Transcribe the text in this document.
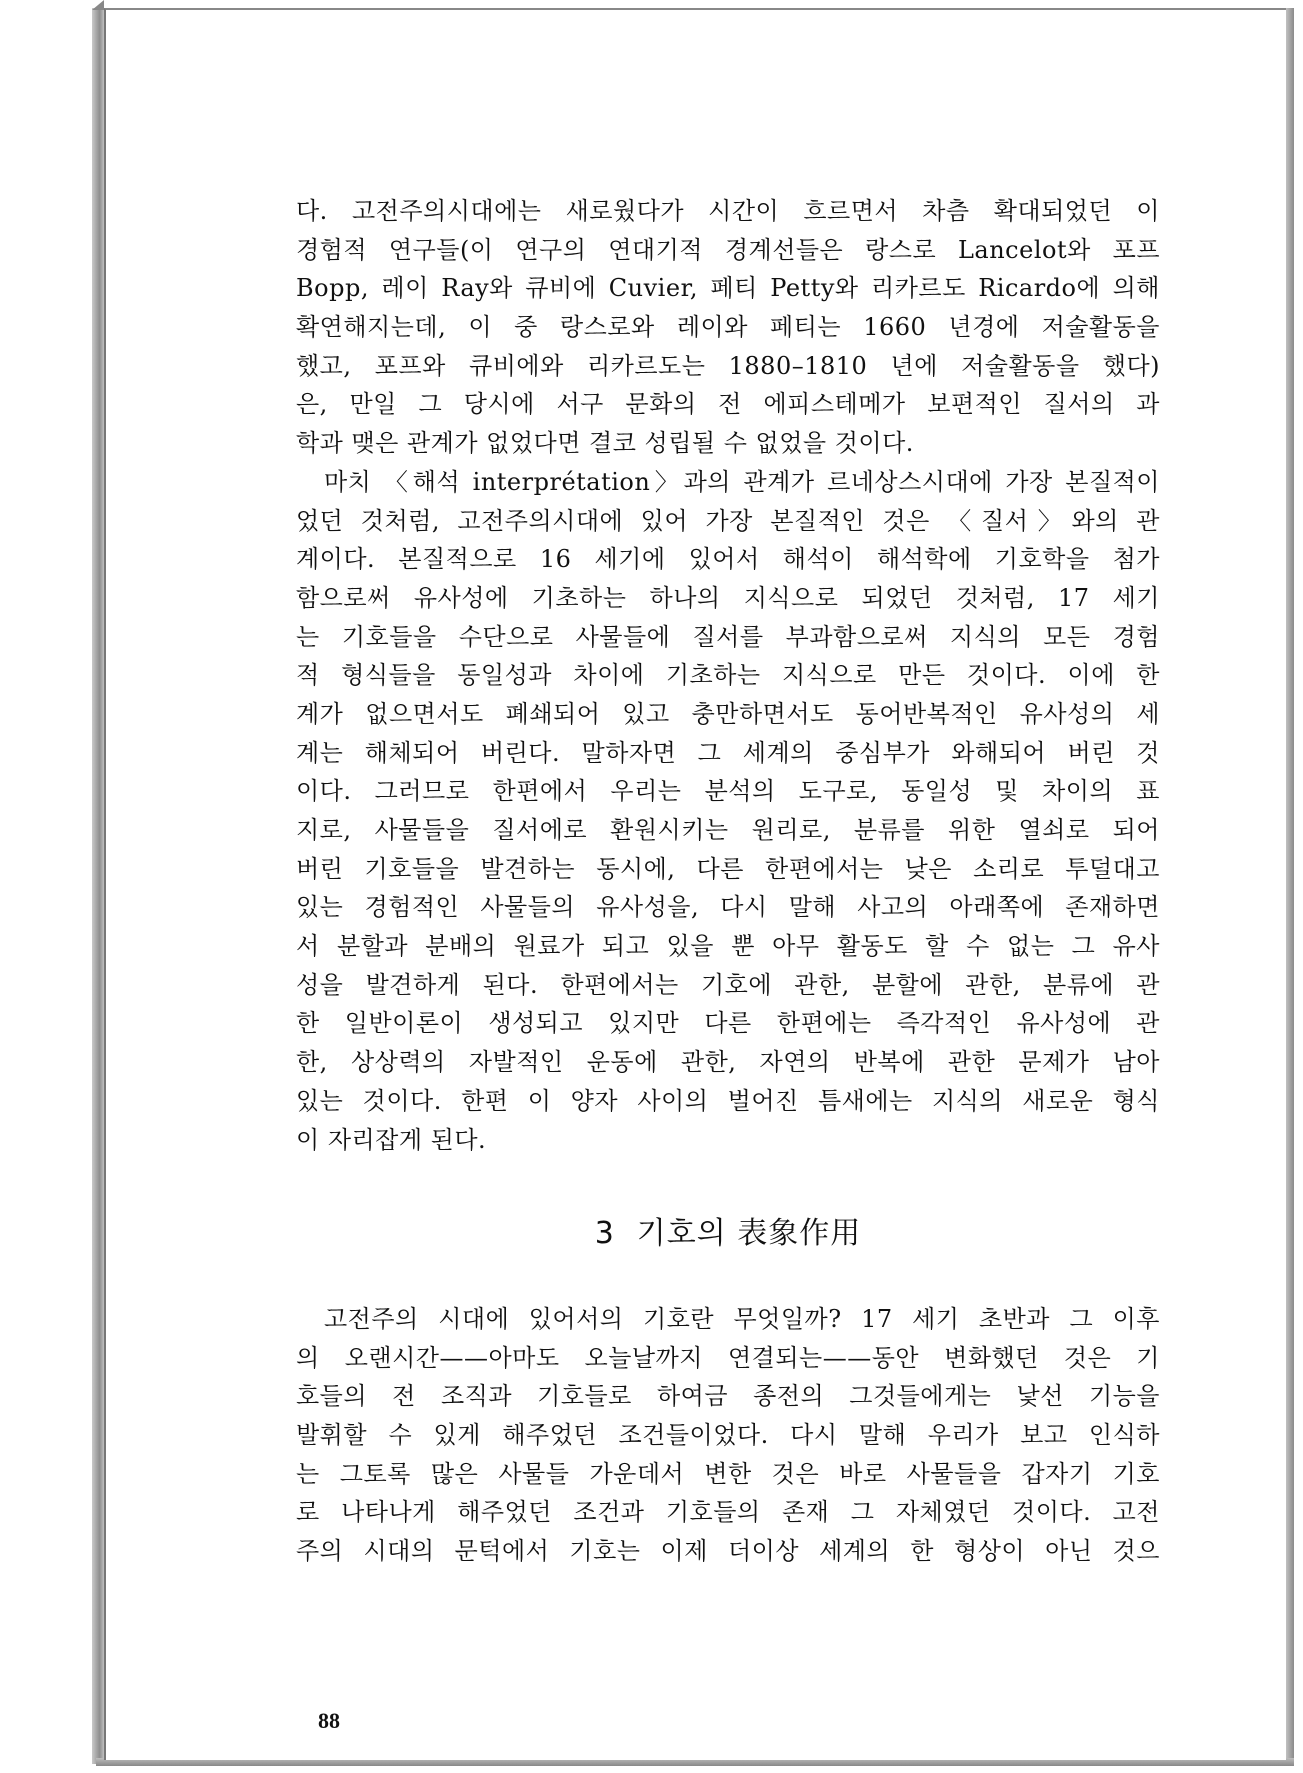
다. 고전주의시대에는 새로웠다가 시간이 흐르면서 차츰 확대되었던 이
경험적 연구들(이 연구의 연대기적 경계선들은 랑스로 Lancelot와 포프
Bopp, 레이 Ray와 큐비에 Cuvier, 페티 Petty와 리카르도 Ricardo에 의해
확연해지는데, 이 중 랑스로와 레이와 페티는 1660 년경에 저술활동을
했고, 포프와 큐비에와 리카르도는 1880–1810 년에 저술활동을 했다)
은, 만일 그 당시에 서구 문화의 전 에피스테메가 보편적인 질서의 과
학과 맺은 관계가 없었다면 결코 성립될 수 없었을 것이다.
마치 〈해석 interprétation〉과의 관계가 르네상스시대에 가장 본질적이
었던 것처럼, 고전주의시대에 있어 가장 본질적인 것은 〈질서〉와의 관
계이다. 본질적으로 16 세기에 있어서 해석이 해석학에 기호학을 첨가
함으로써 유사성에 기초하는 하나의 지식으로 되었던 것처럼, 17 세기
는 기호들을 수단으로 사물들에 질서를 부과함으로써 지식의 모든 경험
적 형식들을 동일성과 차이에 기초하는 지식으로 만든 것이다. 이에 한
계가 없으면서도 폐쇄되어 있고 충만하면서도 동어반복적인 유사성의 세
계는 해체되어 버린다. 말하자면 그 세계의 중심부가 와해되어 버린 것
이다. 그러므로 한편에서 우리는 분석의 도구로, 동일성 및 차이의 표
지로, 사물들을 질서에로 환원시키는 원리로, 분류를 위한 열쇠로 되어
버린 기호들을 발견하는 동시에, 다른 한편에서는 낮은 소리로 투덜대고
있는 경험적인 사물들의 유사성을, 다시 말해 사고의 아래쪽에 존재하면
서 분할과 분배의 원료가 되고 있을 뿐 아무 활동도 할 수 없는 그 유사
성을 발견하게 된다. 한편에서는 기호에 관한, 분할에 관한, 분류에 관
한 일반이론이 생성되고 있지만 다른 한편에는 즉각적인 유사성에 관
한, 상상력의 자발적인 운동에 관한, 자연의 반복에 관한 문제가 남아
있는 것이다. 한편 이 양자 사이의 벌어진 틈새에는 지식의 새로운 형식
이 자리잡게 된다.
3 기호의 表象作用
고전주의 시대에 있어서의 기호란 무엇일까? 17 세기 초반과 그 이후
의 오랜시간——아마도 오늘날까지 연결되는——동안 변화했던 것은 기
호들의 전 조직과 기호들로 하여금 종전의 그것들에게는 낯선 기능을
발휘할 수 있게 해주었던 조건들이었다. 다시 말해 우리가 보고 인식하
는 그토록 많은 사물들 가운데서 변한 것은 바로 사물들을 갑자기 기호
로 나타나게 해주었던 조건과 기호들의 존재 그 자체였던 것이다. 고전
주의 시대의 문턱에서 기호는 이제 더이상 세계의 한 형상이 아닌 것으
88
